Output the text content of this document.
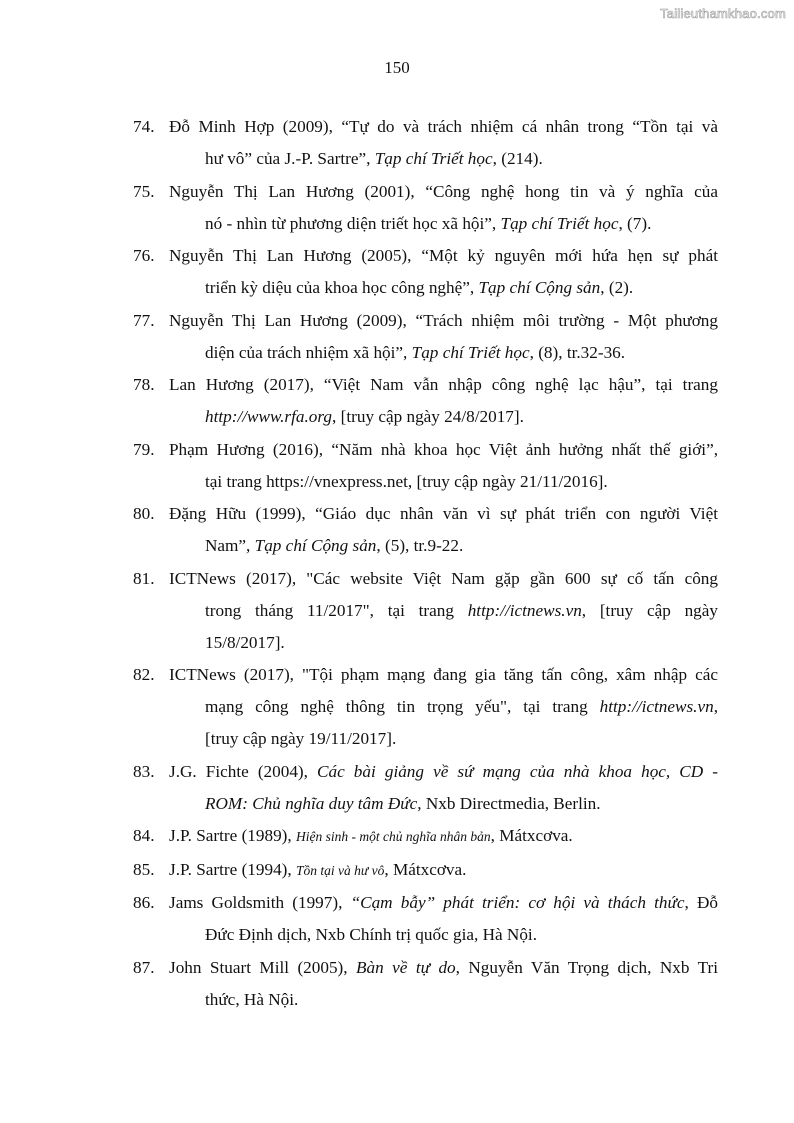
Tailieuthamkhao.com
150
74. Đỗ Minh Hợp (2009), “Tự do và trách nhiệm cá nhân trong “Tồn tại và
hư vô” của J.-P. Sartre”, Tạp chí Triết học, (214).
75. Nguyễn Thị Lan Hương (2001), “Công nghệ hong tin và ý nghĩa của
nó - nhìn từ phương diện triết học xã hội”, Tạp chí Triết học, (7).
76. Nguyễn Thị Lan Hương (2005), “Một kỷ nguyên mới hứa hẹn sự phát
triển kỳ diệu của khoa học công nghệ”, Tạp chí Cộng sản, (2).
77. Nguyễn Thị Lan Hương (2009), “Trách nhiệm môi trường - Một phương
diện của trách nhiệm xã hội”, Tạp chí Triết học, (8), tr.32-36.
78. Lan Hương (2017), “Việt Nam vẫn nhập công nghệ lạc hậu”, tại trang
http://www.rfa.org, [truy cập ngày 24/8/2017].
79. Phạm Hương (2016), “Năm nhà khoa học Việt ảnh hưởng nhất thế giới”,
tại trang https://vnexpress.net, [truy cập ngày 21/11/2016].
80. Đặng Hữu (1999), “Giáo dục nhân văn vì sự phát triển con người Việt
Nam”, Tạp chí Cộng sản, (5), tr.9-22.
81. ICTNews (2017), "Các website Việt Nam gặp gần 600 sự cố tấn công
trong tháng 11/2017", tại trang http://ictnews.vn, [truy cập ngày
15/8/2017].
82. ICTNews (2017), "Tội phạm mạng đang gia tăng tấn công, xâm nhập các
mạng công nghệ thông tin trọng yếu", tại trang http://ictnews.vn,
[truy cập ngày 19/11/2017].
83. J.G. Fichte (2004), Các bài giảng về sứ mạng của nhà khoa học, CD -
ROM: Chủ nghĩa duy tâm Đức, Nxb Directmedia, Berlin.
84. J.P. Sartre (1989), Hiện sinh - một chủ nghĩa nhân bản, Mátxcơva.
85. J.P. Sartre (1994), Tồn tại và hư vô, Mátxcơva.
86. Jams Goldsmith (1997), “Cạm bẫy” phát triển: cơ hội và thách thức, Đỗ
Đức Định dịch, Nxb Chính trị quốc gia, Hà Nội.
87. John Stuart Mill (2005), Bàn về tự do, Nguyễn Văn Trọng dịch, Nxb Tri
thức, Hà Nội.
